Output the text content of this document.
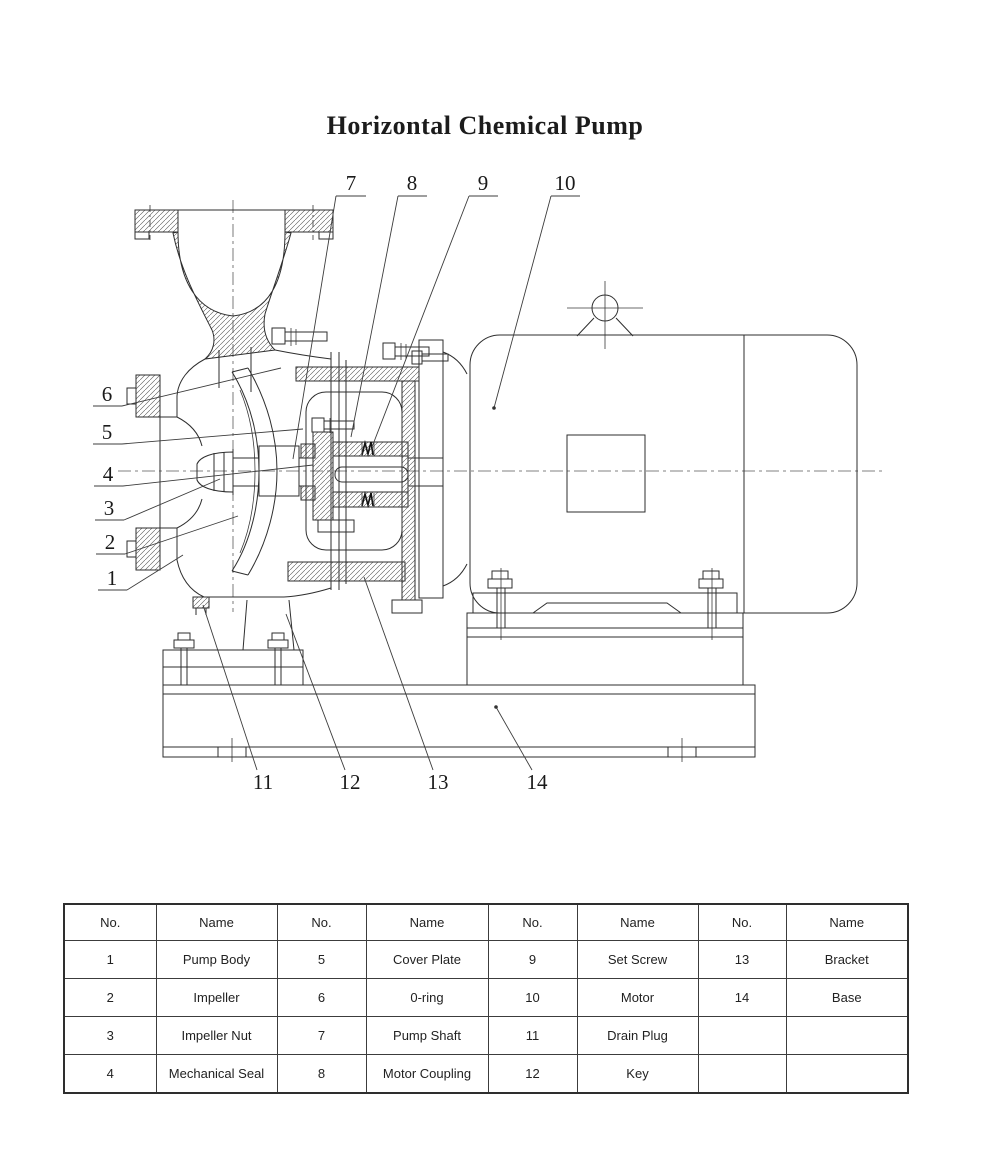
Horizontal Chemical Pump
7 8	9	10
6
5
4
3
2
1
11	12	13	14
No.	Name	No.	Name	No.	Name	No.	Name
1	Pump Body	5	Cover Plate	9	Set Screw	13	Bracket
2	Impeller	6	0-ring	10	Motor	14	Base
3	Impeller Nut	7	Pump Shaft	11	Drain Plug		
4	Mechanical Seal	8	Motor Coupling	12	Key		
